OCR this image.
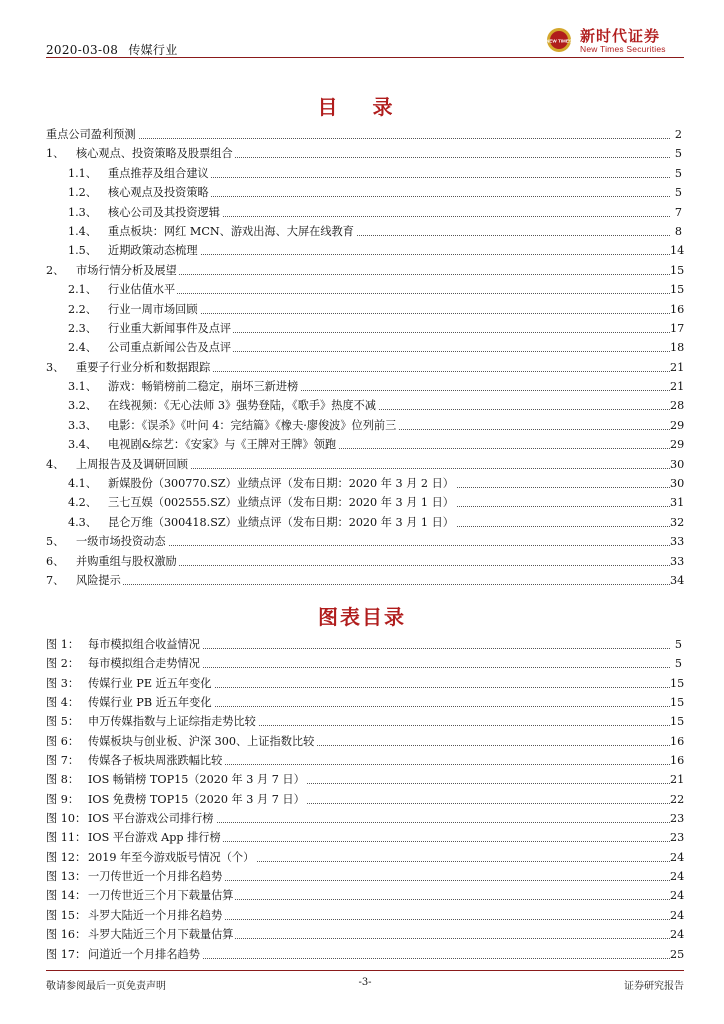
2020-03-08 传媒行业
NEW TIMES 新时代证券
New Times Securities
目 录
重点公司盈利预测	2
1、 核心观点、投资策略及股票组合	5
1.1、 重点推荐及组合建议	5
1.2、 核心观点及投资策略	5
1.3、 核心公司及其投资逻辑	7
1.4、 重点板块：网红 MCN、游戏出海、大屏在线教育	8
1.5、 近期政策动态梳理	14
2、 市场行情分析及展望	15
2.1、 行业估值水平	15
2.2、 行业一周市场回顾	16
2.3、 行业重大新闻事件及点评	17
2.4、 公司重点新闻公告及点评	18
3、 重要子行业分析和数据跟踪	21
3.1、 游戏：畅销榜前二稳定，崩坏三新进榜	21
3.2、 在线视频：《无心法师 3》强势登陆，《歌手》热度不减	28
3.3、 电影：《误杀》《叶问 4：完结篇》《橡夫·廖俊波》位列前三	29
3.4、 电视剧&综艺：《安家》与《王牌对王牌》领跑	29
4、 上周报告及及调研回顾	30
4.1、 新媒股份（300770.SZ）业绩点评（发布日期：2020 年 3 月 2 日）	30
4.2、 三七互娱（002555.SZ）业绩点评（发布日期：2020 年 3 月 1 日）	31
4.3、 昆仑万维（300418.SZ）业绩点评（发布日期：2020 年 3 月 1 日）	32
5、 一级市场投资动态	33
6、 并购重组与股权激励	33
7、 风险提示	34
图表目录
图 1： 每市模拟组合收益情况	5
图 2： 每市模拟组合走势情况	5
图 3： 传媒行业 PE 近五年变化	15
图 4： 传媒行业 PB 近五年变化	15
图 5： 申万传媒指数与上证综指走势比较	15
图 6： 传媒板块与创业板、沪深 300、上证指数比较	16
图 7： 传媒各子板块周涨跌幅比较	16
图 8： IOS 畅销榜 TOP15（2020 年 3 月 7 日）	21
图 9： IOS 免费榜 TOP15（2020 年 3 月 7 日）	22
图 10： IOS 平台游戏公司排行榜	23
图 11： IOS 平台游戏 App 排行榜	23
图 12： 2019 年至今游戏版号情况（个）	24
图 13： 一刀传世近一个月排名趋势	24
图 14： 一刀传世近三个月下载量估算	24
图 15： 斗罗大陆近一个月排名趋势	24
图 16： 斗罗大陆近三个月下载量估算	24
图 17： 问道近一个月排名趋势	25
敬请参阅最后一页免责声明	-3-	证券研究报告
